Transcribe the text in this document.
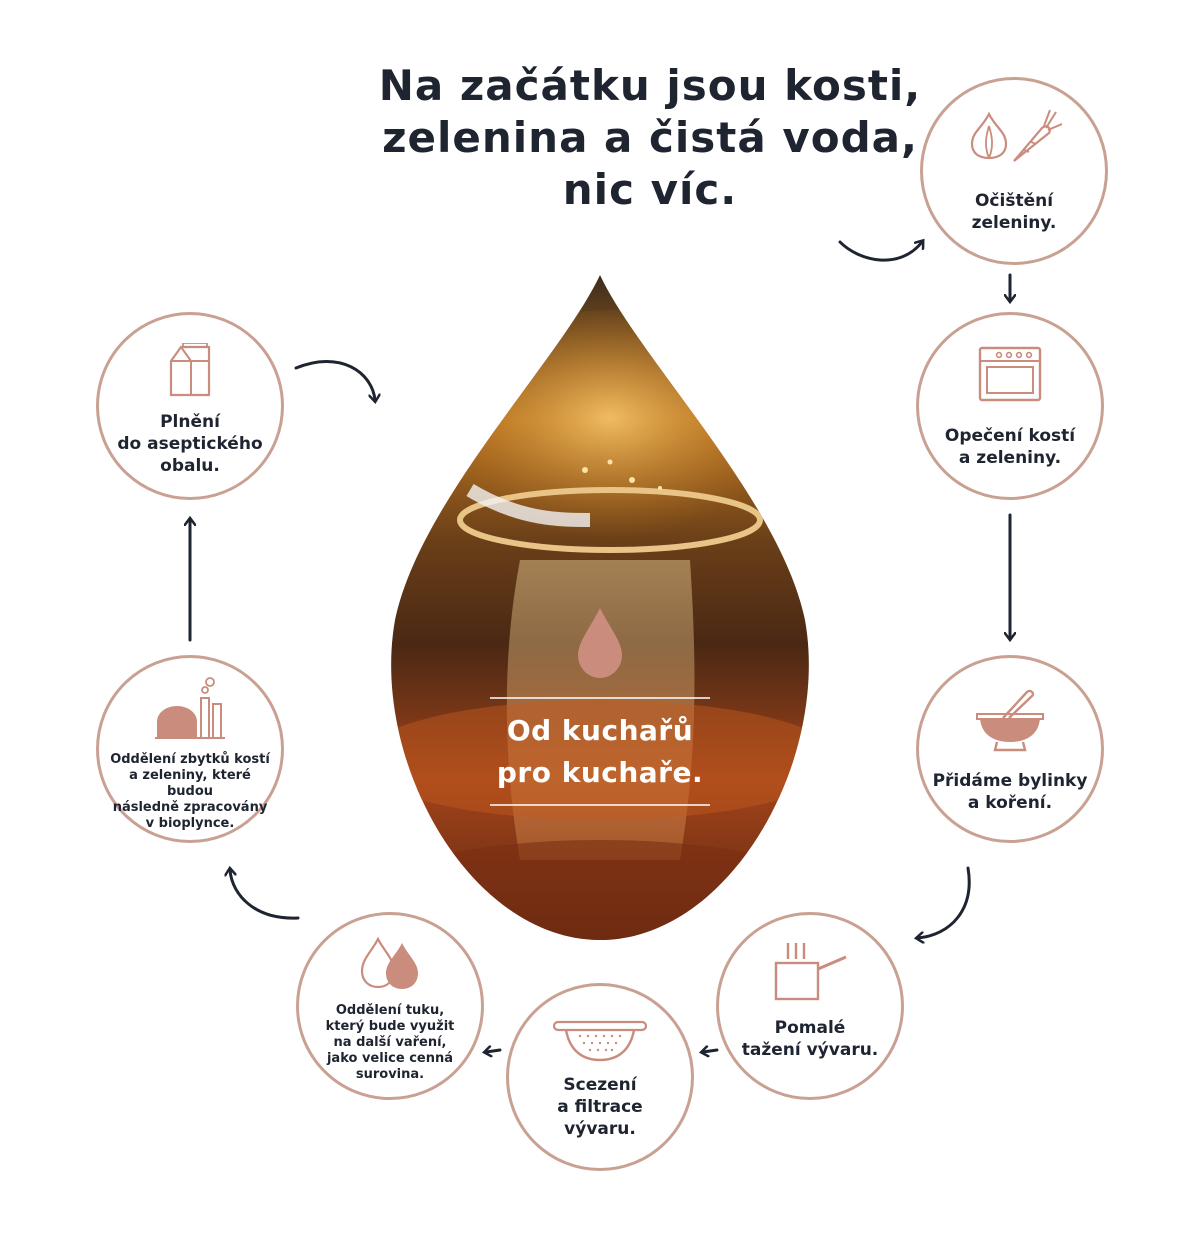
Na začátku jsou kosti,
zelenina a čistá voda,
nic víc.
Od kuchařů
pro kuchaře.
Očištění
zeleniny.
Opečení kostí
a zeleniny.
Přidáme bylinky
a koření.
Pomalé
tažení vývaru.
Scezení
a filtrace
vývaru.
Oddělení tuku,
který bude využit
na další vaření,
jako velice cenná
surovina.
Oddělení zbytků kostí
a zeleniny, které budou
následně zpracovány
v bioplynce.
Plnění
do aseptického
obalu.
